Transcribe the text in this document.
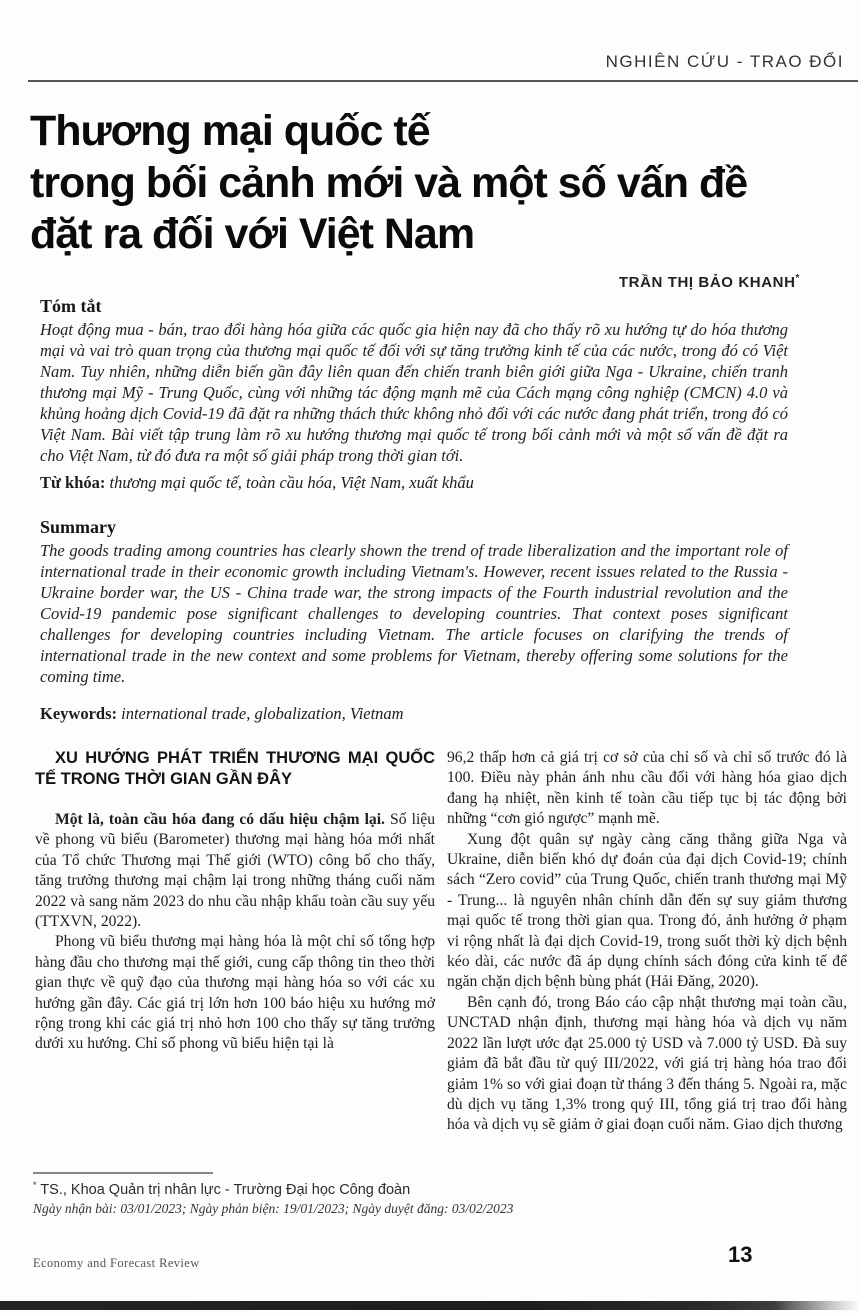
NGHIÊN CỨU - TRAO ĐỔI
Thương mại quốc tế
trong bối cảnh mới và một số vấn đề
đặt ra đối với Việt Nam
TRẦN THỊ BẢO KHANH*
Tóm tắt
Hoạt động mua - bán, trao đổi hàng hóa giữa các quốc gia hiện nay đã cho thấy rõ xu hướng tự do hóa thương mại và vai trò quan trọng của thương mại quốc tế đối với sự tăng trưởng kinh tế của các nước, trong đó có Việt Nam. Tuy nhiên, những diễn biến gần đây liên quan đến chiến tranh biên giới giữa Nga - Ukraine, chiến tranh thương mại Mỹ - Trung Quốc, cùng với những tác động mạnh mẽ của Cách mạng công nghiệp (CMCN) 4.0 và khủng hoảng dịch Covid-19 đã đặt ra những thách thức không nhỏ đối với các nước đang phát triển, trong đó có Việt Nam. Bài viết tập trung làm rõ xu hướng thương mại quốc tế trong bối cảnh mới và một số vấn đề đặt ra cho Việt Nam, từ đó đưa ra một số giải pháp trong thời gian tới.
Từ khóa: thương mại quốc tế, toàn cầu hóa, Việt Nam, xuất khẩu
Summary
The goods trading among countries has clearly shown the trend of trade liberalization and the important role of international trade in their economic growth including Vietnam's. However, recent issues related to the Russia - Ukraine border war, the US - China trade war, the strong impacts of the Fourth industrial revolution and the Covid-19 pandemic pose significant challenges to developing countries. That context poses significant challenges for developing countries including Vietnam. The article focuses on clarifying the trends of international trade in the new context and some problems for Vietnam, thereby offering some solutions for the coming time.
Keywords: international trade, globalization, Vietnam
XU HƯỚNG PHÁT TRIỂN THƯƠNG MẠI QUỐC TẾ TRONG THỜI GIAN GẦN ĐÂY

Một là, toàn cầu hóa đang có dấu hiệu chậm lại. Số liệu về phong vũ biểu (Barometer) thương mại hàng hóa mới nhất của Tổ chức Thương mại Thế giới (WTO) công bố cho thấy, tăng trưởng thương mại chậm lại trong những tháng cuối năm 2022 và sang năm 2023 do nhu cầu nhập khẩu toàn cầu suy yếu (TTXVN, 2022).

Phong vũ biểu thương mại hàng hóa là một chỉ số tổng hợp hàng đầu cho thương mại thế giới, cung cấp thông tin theo thời gian thực về quỹ đạo của thương mại hàng hóa so với các xu hướng gần đây. Các giá trị lớn hơn 100 báo hiệu xu hướng mở rộng trong khi các giá trị nhỏ hơn 100 cho thấy sự tăng trưởng dưới xu hướng. Chỉ số phong vũ biểu hiện tại là

96,2 thấp hơn cả giá trị cơ sở của chỉ số và chỉ số trước đó là 100. Điều này phản ánh nhu cầu đối với hàng hóa giao dịch đang hạ nhiệt, nền kinh tế toàn cầu tiếp tục bị tác động bởi những “cơn gió ngược” mạnh mẽ.

Xung đột quân sự ngày càng căng thẳng giữa Nga và Ukraine, diễn biến khó dự đoán của đại dịch Covid-19; chính sách “Zero covid” của Trung Quốc, chiến tranh thương mại Mỹ - Trung... là nguyên nhân chính dẫn đến sự suy giảm thương mại quốc tế trong thời gian qua. Trong đó, ảnh hưởng ở phạm vi rộng nhất là đại dịch Covid-19, trong suốt thời kỳ dịch bệnh kéo dài, các nước đã áp dụng chính sách đóng cửa kinh tế để ngăn chặn dịch bệnh bùng phát (Hải Đăng, 2020).

Bên cạnh đó, trong Báo cáo cập nhật thương mại toàn cầu, UNCTAD nhận định, thương mại hàng hóa và dịch vụ năm 2022 lần lượt ước đạt 25.000 tỷ USD và 7.000 tỷ USD. Đà suy giảm đã bắt đầu từ quý III/2022, với giá trị hàng hóa trao đổi giảm 1% so với giai đoạn từ tháng 3 đến tháng 5. Ngoài ra, mặc dù dịch vụ tăng 1,3% trong quý III, tổng giá trị trao đổi hàng hóa và dịch vụ sẽ giảm ở giai đoạn cuối năm. Giao dịch thương

* TS., Khoa Quản trị nhân lực - Trường Đại học Công đoàn
Ngày nhận bài: 03/01/2023; Ngày phản biện: 19/01/2023; Ngày duyệt đăng: 03/02/2023
Economy and Forecast Review	13
